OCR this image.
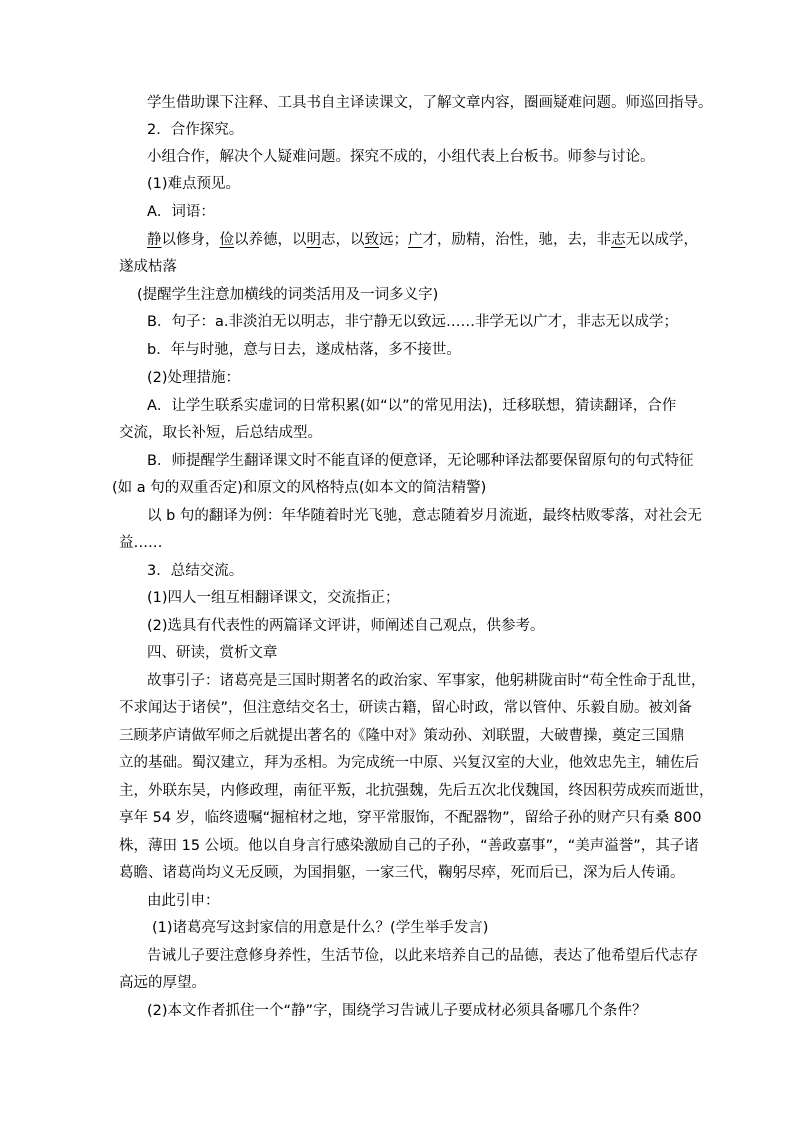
学生借助课下注释、工具书自主译读课文，了解文章内容，圈画疑难问题。师巡回指导。

2．合作探究。

小组合作，解决个人疑难问题。探究不成的，小组代表上台板书。师参与讨论。

(1)难点预见。

A．词语：

静以修身，俭以养德，以明志，以致远；广才，励精，治性，驰，去，非志无以成学，

遂成枯落

(提醒学生注意加横线的词类活用及一词多义字)

B．句子：a.非淡泊无以明志，非宁静无以致远……非学无以广才，非志无以成学；

b．年与时驰，意与日去，遂成枯落，多不接世。

(2)处理措施：

A．让学生联系实虚词的日常积累(如“以”的常见用法)，迁移联想，猜读翻译，合作

交流，取长补短，后总结成型。

B．师提醒学生翻译课文时不能直译的便意译，无论哪种译法都要保留原句的句式特征

(如 a 句的双重否定)和原文的风格特点(如本文的简洁精警)

以 b 句的翻译为例：年华随着时光飞驰，意志随着岁月流逝，最终枯败零落，对社会无

益……

3．总结交流。

(1)四人一组互相翻译课文，交流指正；

(2)选具有代表性的两篇译文评讲，师阐述自己观点，供参考。

四、研读，赏析文章

故事引子：诸葛亮是三国时期著名的政治家、军事家，他躬耕陇亩时“苟全性命于乱世，

不求闻达于诸侯”，但注意结交名士，研读古籍，留心时政，常以管仲、乐毅自励。被刘备

三顾茅庐请做军师之后就提出著名的《隆中对》策动孙、刘联盟，大破曹操，奠定三国鼎

立的基础。蜀汉建立，拜为丞相。为完成统一中原、兴复汉室的大业，他效忠先主，辅佐后

主，外联东吴，内修政理，南征平叛，北抗强魏，先后五次北伐魏国，终因积劳成疾而逝世，

享年 54 岁，临终遗嘱“掘棺材之地，穿平常服饰，不配器物”，留给子孙的财产只有桑 800

株，薄田 15 公顷。他以自身言行感染激励自己的子孙，“善政嘉事”，“美声溢誉”，其子诸

葛瞻、诸葛尚均义无反顾，为国捐躯，一家三代，鞠躬尽瘁，死而后已，深为后人传诵。

由此引申：

(1)诸葛亮写这封家信的用意是什么？(学生举手发言)

告诫儿子要注意修身养性，生活节俭，以此来培养自己的品德，表达了他希望后代志存

高远的厚望。

(2)本文作者抓住一个“静”字，围绕学习告诫儿子要成材必须具备哪几个条件？
